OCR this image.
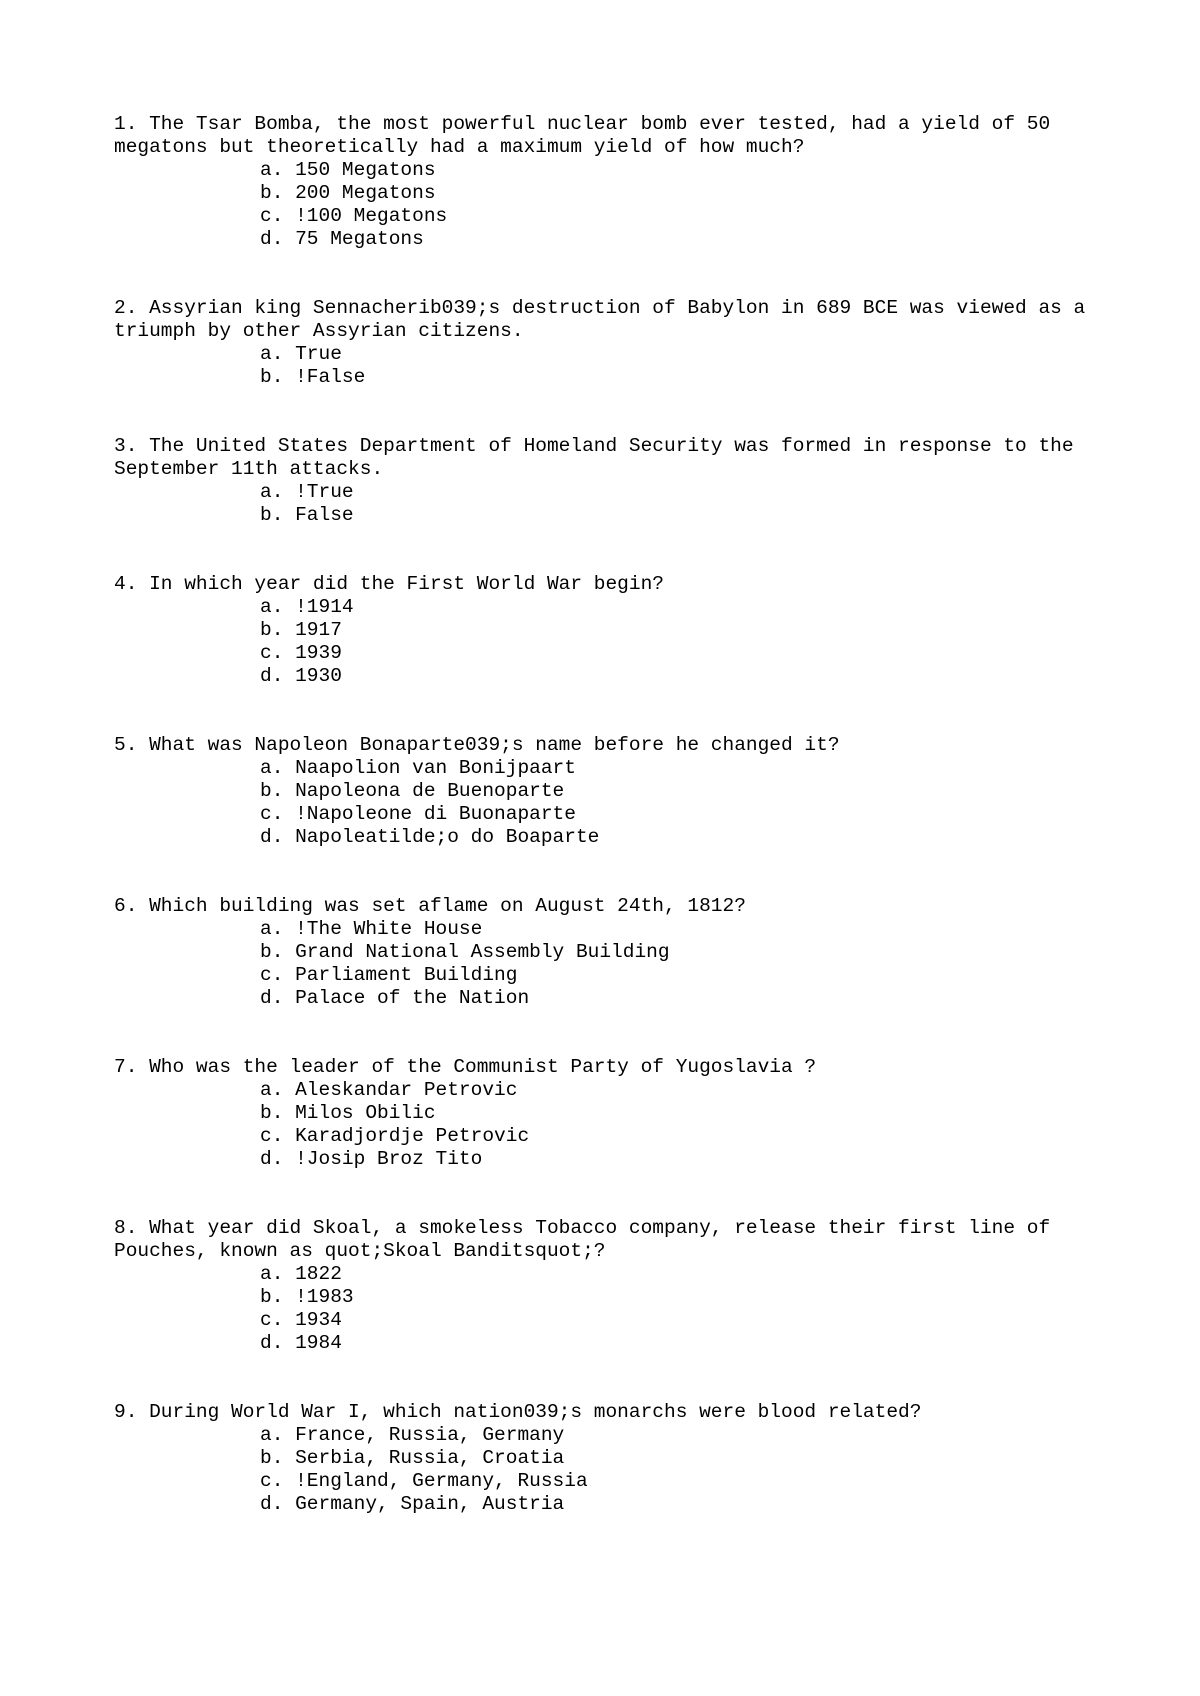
1. The Tsar Bomba, the most powerful nuclear bomb ever tested, had a yield of 50 megatons but theoretically had a maximum yield of how much?
a. 150 Megatons
b. 200 Megatons
c. !100 Megatons
d. 75 Megatons
2. Assyrian king Sennacherib039;s destruction of Babylon in 689 BCE was viewed as a triumph by other Assyrian citizens.
a. True
b. !False
3. The United States Department of Homeland Security was formed in response to the September 11th attacks.
a. !True
b. False
4. In which year did the First World War begin?
a. !1914
b. 1917
c. 1939
d. 1930
5. What was Napoleon Bonaparte039;s name before he changed it?
a. Naapolion van Bonijpaart
b. Napoleona de Buenoparte
c. !Napoleone di Buonaparte
d. Napoleatilde;o do Boaparte
6. Which building was set aflame on August 24th, 1812?
a. !The White House
b. Grand National Assembly Building
c. Parliament Building
d. Palace of the Nation
7. Who was the leader of the Communist Party of Yugoslavia ?
a. Aleskandar Petrovic
b. Milos Obilic
c. Karadjordje Petrovic
d. !Josip Broz Tito
8. What year did Skoal, a smokeless Tobacco company, release their first line of Pouches, known as quot;Skoal Banditsquot;?
a. 1822
b. !1983
c. 1934
d. 1984
9. During World War I, which nation039;s monarchs were blood related?
a. France, Russia, Germany
b. Serbia, Russia, Croatia
c. !England, Germany, Russia
d. Germany, Spain, Austria
